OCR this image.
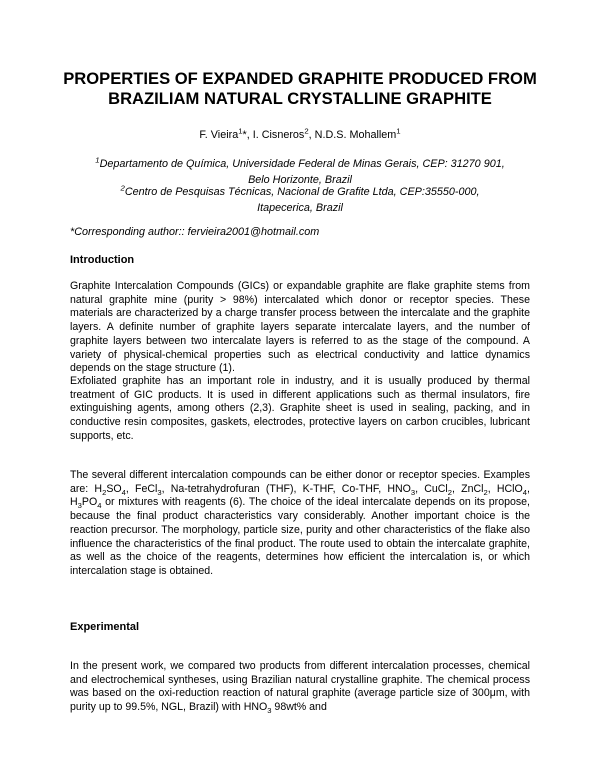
PROPERTIES OF EXPANDED GRAPHITE PRODUCED FROM BRAZILIAM NATURAL CRYSTALLINE GRAPHITE
F. Vieira$^1$*, I. Cisneros$^2$, N.D.S. Mohallem$^1$
$^1$Departamento de Química, Universidade Federal de Minas Gerais, CEP: 31270 901,
Belo Horizonte, Brazil
$^2$Centro de Pesquisas Técnicas, Nacional de Grafite Ltda, CEP:35550-000,
Itapecerica, Brazil
*Corresponding author:: fervieira2001@hotmail.com
Introduction

Graphite Intercalation Compounds (GICs) or expandable graphite are flake graphite stems from natural graphite mine (purity > 98%) intercalated which donor or receptor species. These materials are characterized by a charge transfer process between the intercalate and the graphite layers. A definite number of graphite layers separate intercalate layers, and the number of graphite layers between two intercalate layers is referred to as the stage of the compound. A variety of physical-chemical properties such as electrical conductivity and lattice dynamics depends on the stage structure (1).

Exfoliated graphite has an important role in industry, and it is usually produced by thermal treatment of GIC products. It is used in different applications such as thermal insulators, fire extinguishing agents, among others (2,3). Graphite sheet is used in sealing, packing, and in conductive resin composites, gaskets, electrodes, protective layers on carbon crucibles, lubricant supports, etc.

The several different intercalation compounds can be either donor or receptor species. Examples are: $H_2SO_4$, FeCl$_3$, Na-tetrahydrofuran (THF), K-THF, Co-THF, $HNO_3$, CuCl$_2$, ZnCl$_2$, HClO$_4$, $H_3PO_4$ or mixtures with reagents (6). The choice of the ideal intercalate depends on its propose, because the final product characteristics vary considerably. Another important choice is the reaction precursor. The morphology, particle size, purity and other characteristics of the flake also influence the characteristics of the final product. The route used to obtain the intercalate graphite, as well as the choice of the reagents, determines how efficient the intercalation is, or which intercalation stage is obtained.

Experimental

In the present work, we compared two products from different intercalation processes, chemical and electrochemical syntheses, using Brazilian natural crystalline graphite. The chemical process was based on the oxi-reduction reaction of natural graphite (average particle size of 300μm, with purity up to 99.5%, NGL, Brazil) with $HNO_3$ 98wt% and
